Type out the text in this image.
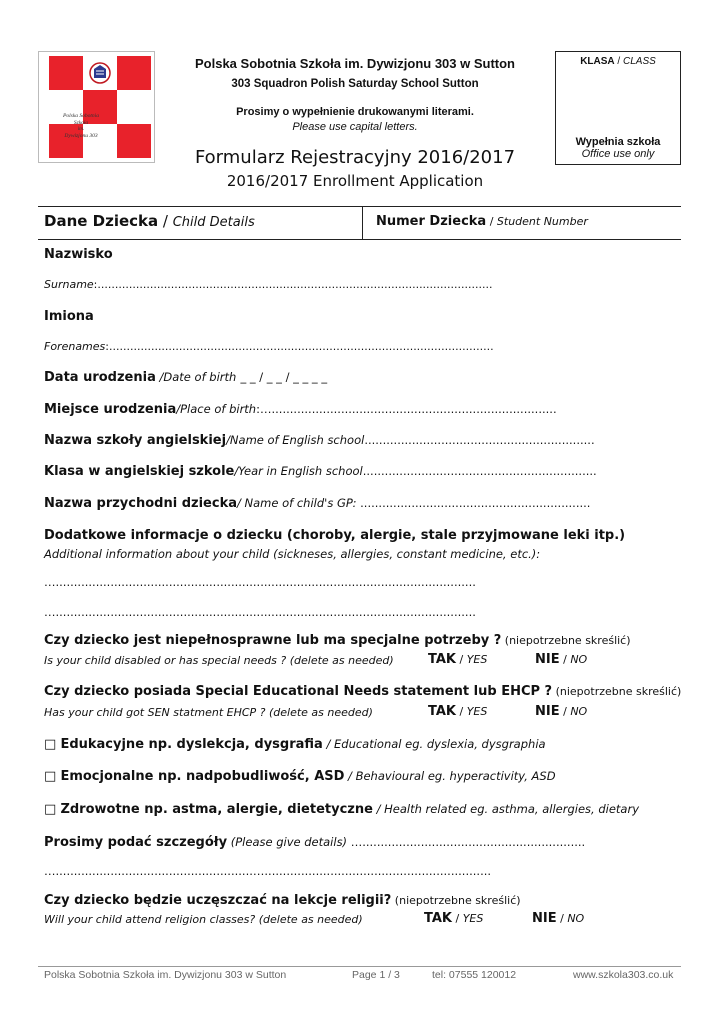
Polska Sobotnia
Szkoła
im.
Dywizjonu 303
Polska Sobotnia Szkoła im. Dywizjonu 303 w Sutton
303 Squadron Polish Saturday School Sutton
Prosimy o wypełnienie drukowanymi literami.
Please use capital letters.
KLASA / CLASS
Wypełnia szkoła
Office use only
Formularz Rejestracyjny 2016/2017
2016/2017 Enrollment Application
Dane Dziecka / Child Details	Numer Dziecka / Student Number
Nazwisko
Surname:.................................................................................................................
Imiona
Forenames:..............................................................................................................
Data urodzenia /Date of birth _ _ / _ _ / _ _ _ _
Miejsce urodzenia/Place of birth:…..............................................................................
Nazwa szkoły angielskiej/Name of English school...............................................................
Klasa w angielskiej szkole/Year in English school................................................................
Nazwa przychodni dziecka/ Name of child's GP: ...............................................................
Dodatkowe informacje o dziecku (choroby, alergie, stale przyjmowane leki itp.)
Additional information about your child (sickneses, allergies, constant medicine, etc.):
…...................................................................................................................
…...................................................................................................................
Czy dziecko jest niepełnosprawne lub ma specjalne potrzeby ? (niepotrzebne skreślić)
Is your child disabled or has special needs ? (delete as needed)	TAK / YES	NIE / NO
Czy dziecko posiada Special Educational Needs statement lub EHCP ? (niepotrzebne skreślić)
Has your child got SEN statment EHCP ? (delete as needed)	TAK / YES	NIE / NO
□ Edukacyjne np. dyslekcja, dysgrafia / Educational eg. dyslexia, dysgraphia
□ Emocjonalne np. nadpobudliwość, ASD / Behavioural eg. hyperactivity, ASD
□ Zdrowotne np. astma, alergie, dietetyczne / Health related eg. asthma, allergies, dietary
Prosimy podać szczegóły (Please give details) ….............................................................
…......................................................…..............................................................
Czy dziecko będzie uczęszczać na lekcje religii? (niepotrzebne skreślić)
Will your child attend religion classes? (delete as needed)	TAK / YES	NIE / NO
Polska Sobotnia Szkoła im. Dywizjonu 303 w Sutton	Page 1 / 3	tel: 07555 120012	www.szkola303.co.uk
